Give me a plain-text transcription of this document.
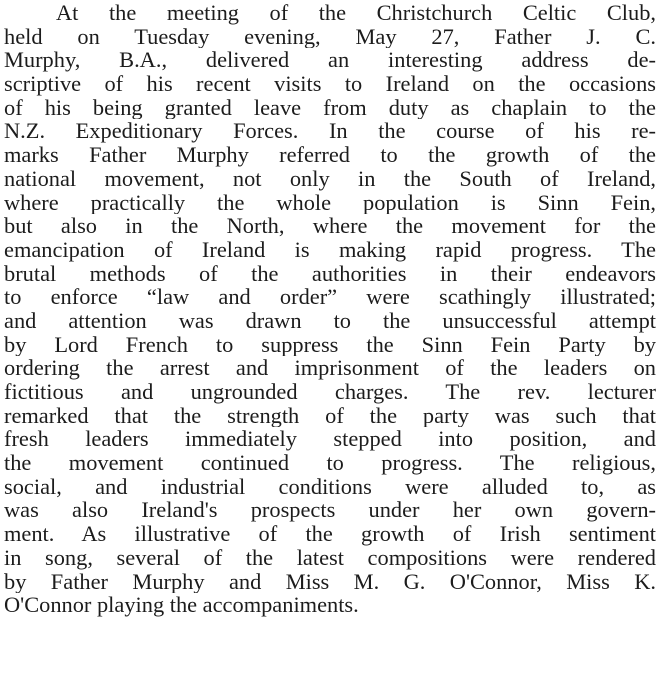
At the meeting of the Christchurch Celtic Club,
held on Tuesday evening, May 27, Father J. C.
Murphy, B.A., delivered an interesting address de-
scriptive of his recent visits to Ireland on the occasions
of his being granted leave from duty as chaplain to the
N.Z. Expeditionary Forces. In the course of his re-
marks Father Murphy referred to the growth of the
national movement, not only in the South of Ireland,
where practically the whole population is Sinn Fein,
but also in the North, where the movement for the
emancipation of Ireland is making rapid progress. The
brutal methods of the authorities in their endeavors
to enforce “law and order” were scathingly illustrated;
and attention was drawn to the unsuccessful attempt
by Lord French to suppress the Sinn Fein Party by
ordering the arrest and imprisonment of the leaders on
fictitious and ungrounded charges. The rev. lecturer
remarked that the strength of the party was such that
fresh leaders immediately stepped into position, and
the movement continued to progress. The religious,
social, and industrial conditions were alluded to, as
was also Ireland's prospects under her own govern-
ment. As illustrative of the growth of Irish sentiment
in song, several of the latest compositions were rendered
by Father Murphy and Miss M. G. O'Connor, Miss K.
O'Connor playing the accompaniments.
